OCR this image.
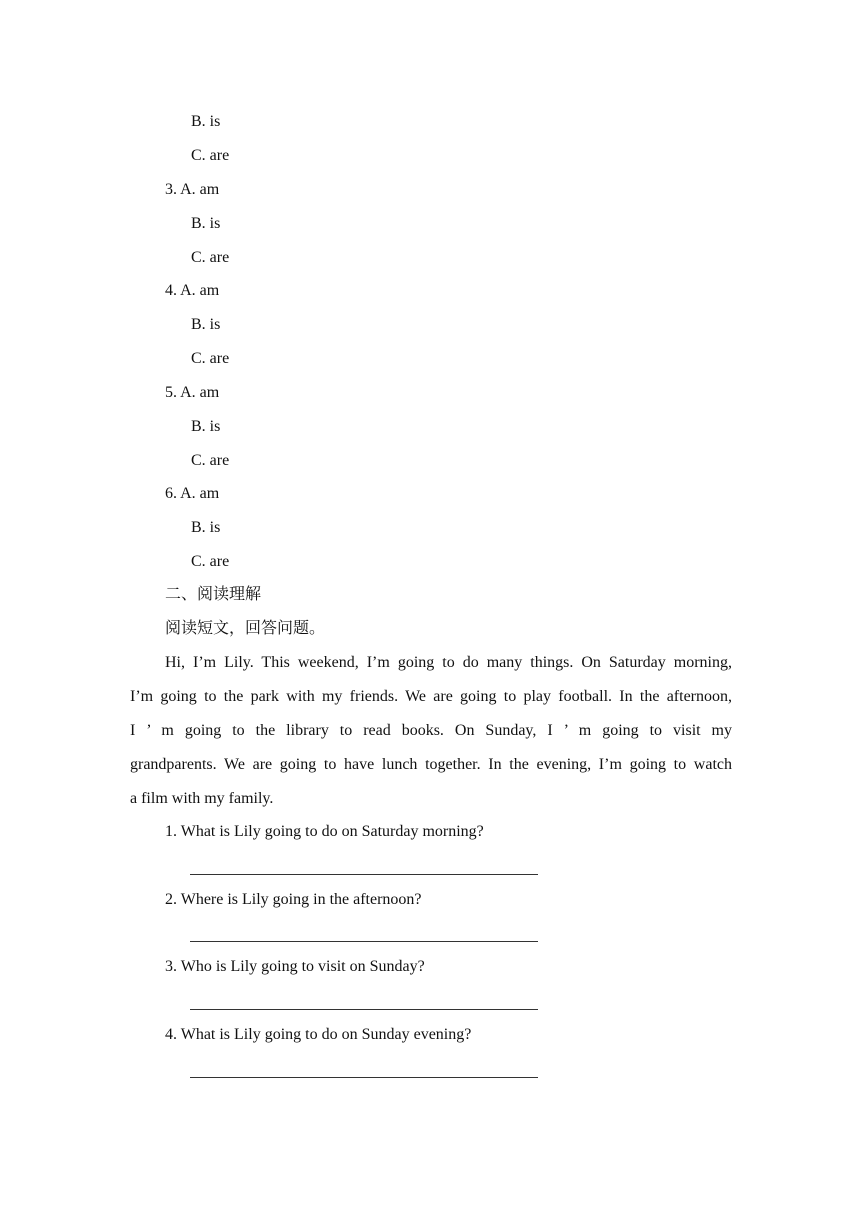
B. is
C. are
3. A. am
B. is
C. are
4. A. am
B. is
C. are
5. A. am
B. is
C. are
6. A. am
B. is
C. are
二、阅读理解
阅读短文，回答问题。
Hi, I’m Lily. This weekend, I’m going to do many things. On Saturday morning,
I’m going to the park with my friends. We are going to play football. In the afternoon,
I ’ m going to the library to read books. On Sunday, I ’ m going to visit my
grandparents. We are going to have lunch together. In the evening, I’m going to watch
a film with my family.
1. What is Lily going to do on Saturday morning?
2. Where is Lily going in the afternoon?
3. Who is Lily going to visit on Sunday?
4. What is Lily going to do on Sunday evening?
